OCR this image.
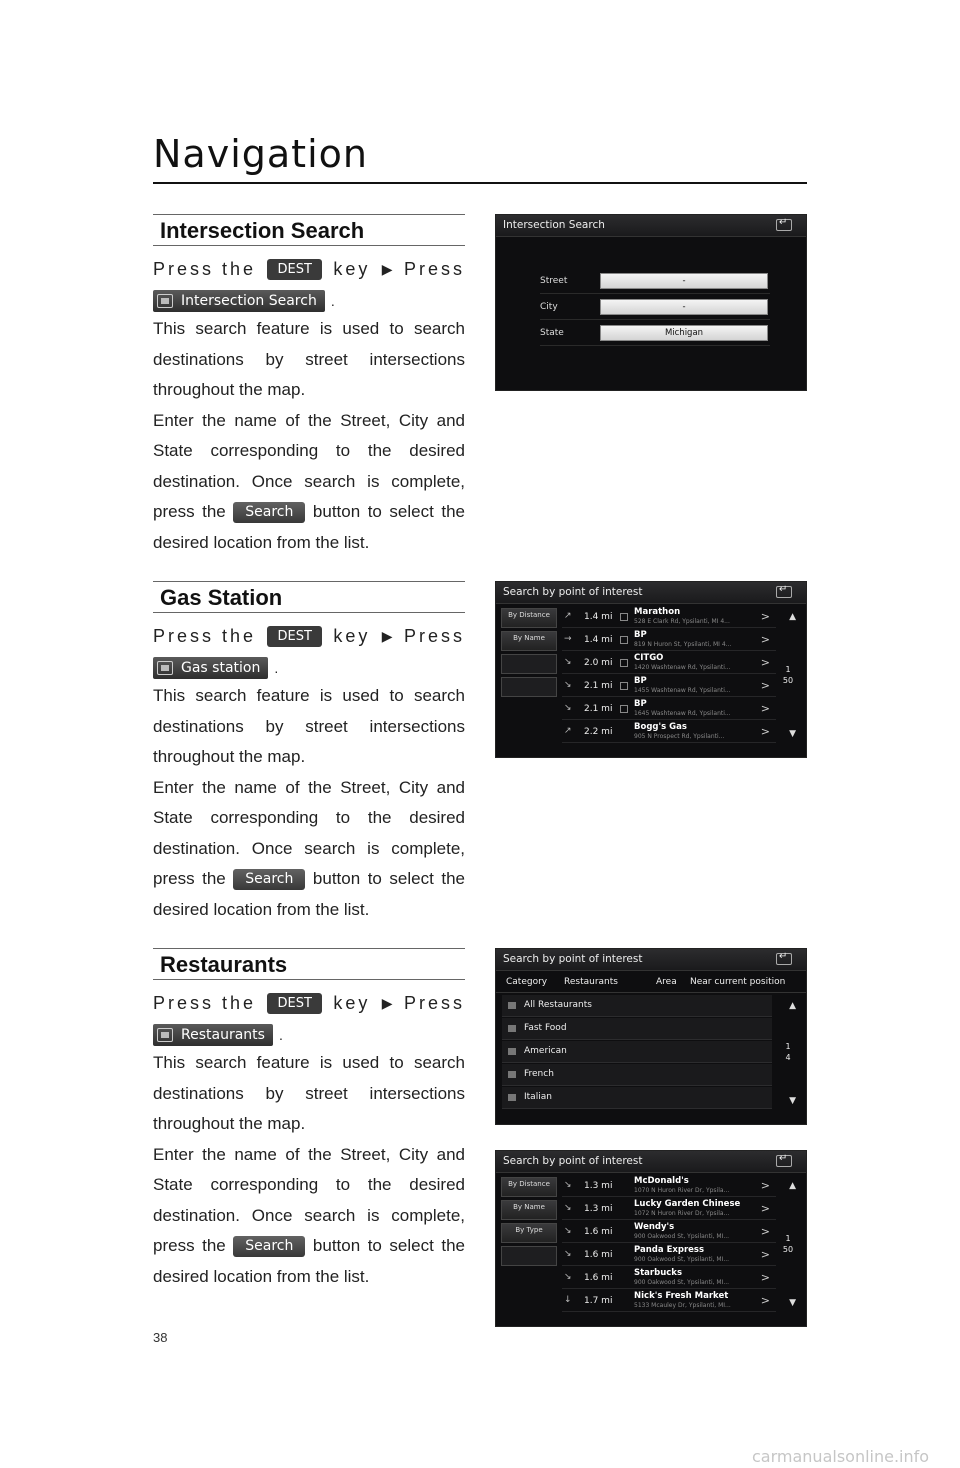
Navigation
Intersection Search
Press the	DEST	key ▶ Press
Intersection Search .

This search feature is used to search destinations by street intersections throughout the map.

Enter the name of the Street, City and State corresponding to the desired destination. Once search is complete, press the Search button to select the desired location from the list.

Gas Station
Press the	DEST	key ▶ Press
Gas station .

This search feature is used to search destinations by street intersections throughout the map.

Enter the name of the Street, City and State corresponding to the desired destination. Once search is complete, press the Search button to select the desired location from the list.

Restaurants
Press the	DEST	key ▶ Press
Restaurants .

This search feature is used to search destinations by street intersections throughout the map.

Enter the name of the Street, City and State corresponding to the desired destination. Once search is complete, press the Search button to select the desired location from the list.

Intersection Search
↵
Street	-
City	-
State	Michigan
Search by point of interest
↵
By Distance
By Name
↗	1.4 mi	Marathon
528 E Clark Rd, Ypsilanti, MI 4...	>
→	1.4 mi	BP
819 N Huron St, Ypsilanti, MI 4...	>
↘	2.0 mi	CITGO
1420 Washtenaw Rd, Ypsilanti...	>
↘	2.1 mi	BP
1455 Washtenaw Rd, Ypsilanti...	>
↘	2.1 mi	BP
1645 Washtenaw Rd, Ypsilanti...	>
↗	2.2 mi	Bogg's Gas
905 N Prospect Rd, Ypsilanti...	>
▲
1
50
▼
Search by point of interest
↵
Category Restaurants	Area Near current position
All Restaurants
Fast Food
American
French
Italian
▲
1
4
▼
Search by point of interest
↵
By Distance
By Name
By Type
↘	1.3 mi	McDonald's
1070 N Huron River Dr, Ypsila...	>
↘	1.3 mi	Lucky Garden Chinese
1072 N Huron River Dr, Ypsila...	>
↘	1.6 mi	Wendy's
900 Oakwood St, Ypsilanti, MI...	>
↘	1.6 mi	Panda Express
900 Oakwood St, Ypsilanti, MI...	>
↘	1.6 mi	Starbucks
900 Oakwood St, Ypsilanti, MI...	>
↓	1.7 mi	Nick's Fresh Market
5133 Mcauley Dr, Ypsilanti, MI...	>
▲
1
50
▼
38
carmanualsonline.info
